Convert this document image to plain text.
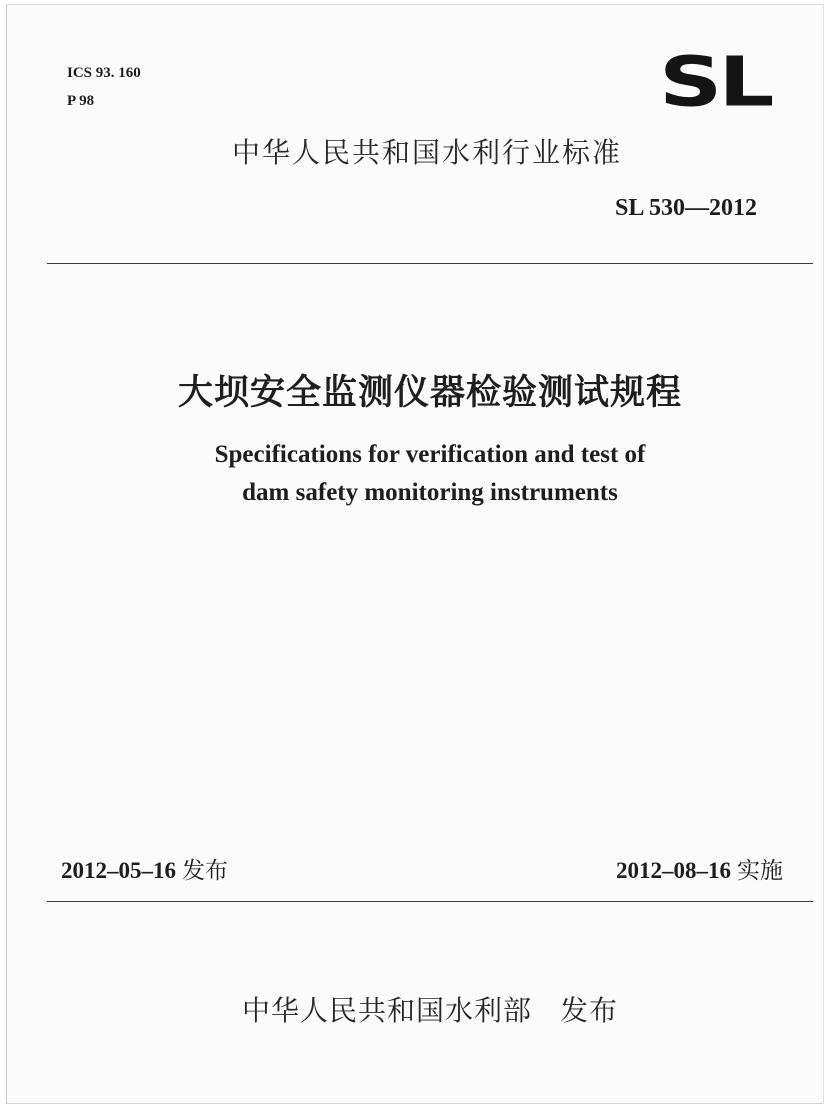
ICS 93. 160

P 98	SL

中华人民共和国水利行业标准

SL 530—2012

大坝安全监测仪器检验测试规程

Specifications for verification and test of

dam safety monitoring instruments

2012–05–16 发布	2012–08–16 实施

中华人民共和国水利部 发布
